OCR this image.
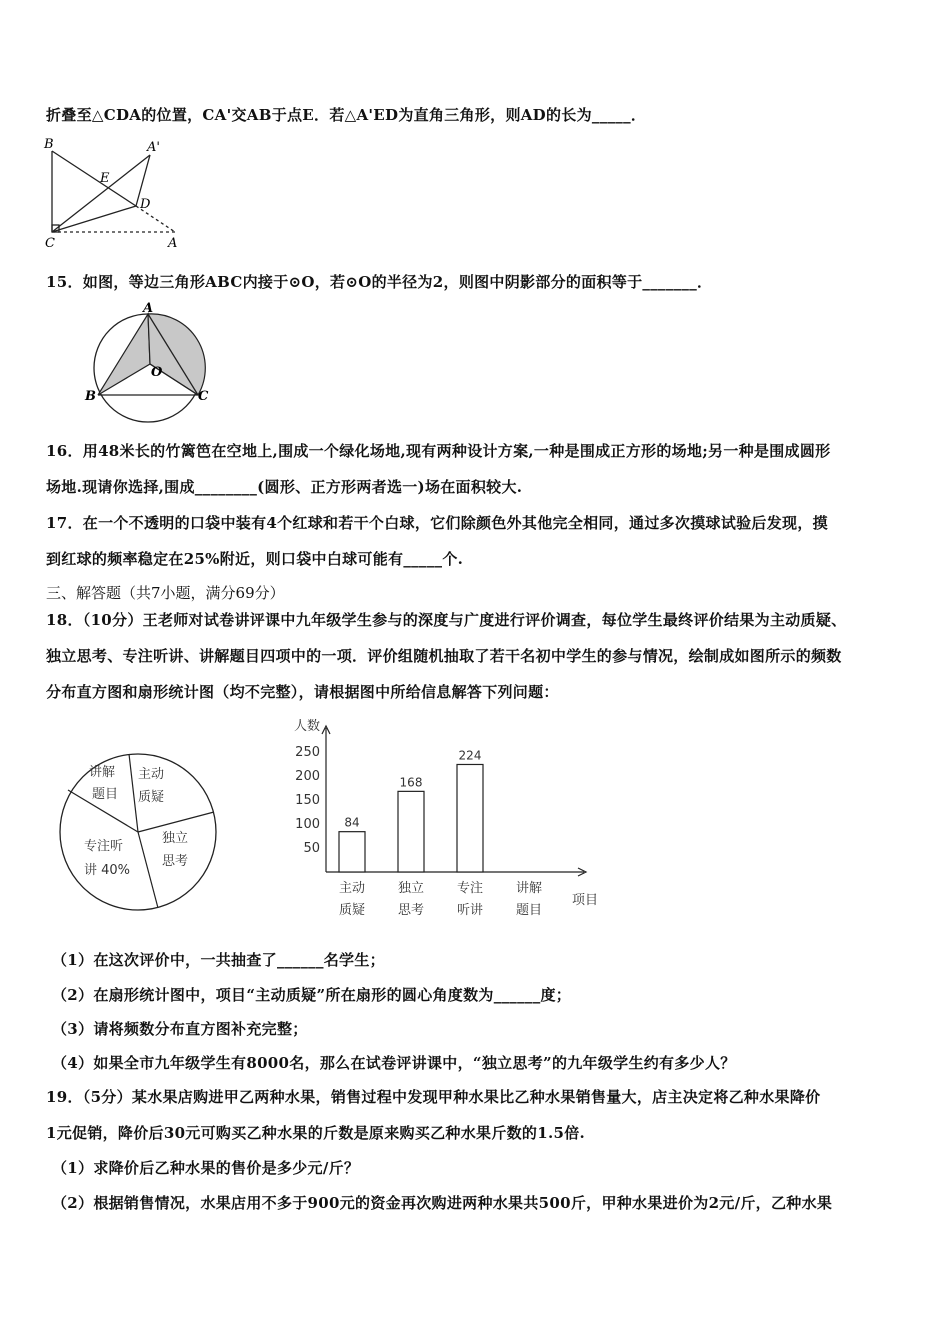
折叠至△CDA的位置，CA'交AB于点E．若△A'ED为直角三角形，则AD的长为_____．
B	A'
E
D
C	A
15．如图，等边三角形ABC内接于⊙O，若⊙O的半径为2，则图中阴影部分的面积等于_______．
A
O
B	C
16．用48米长的竹篱笆在空地上,围成一个绿化场地,现有两种设计方案,一种是围成正方形的场地;另一种是围成圆形
场地.现请你选择,围成________(圆形、正方形两者选一)场在面积较大.
17．在一个不透明的口袋中装有4个红球和若干个白球，它们除颜色外其他完全相同，通过多次摸球试验后发现，摸
到红球的频率稳定在25%附近，则口袋中白球可能有_____个.
三、解答题（共7小题，满分69分）
18．（10分）王老师对试卷讲评课中九年级学生参与的深度与广度进行评价调查，每位学生最终评价结果为主动质疑、
独立思考、专注听讲、讲解题目四项中的一项．评价组随机抽取了若干名初中学生的参与情况，绘制成如图所示的频数
分布直方图和扇形统计图（均不完整），请根据图中所给信息解答下列问题：
讲解
题目
主动
质疑
独立
思考
专注听
讲 40%
人数
项目
50
100
150
200
250
84
168
224
主动
质疑
独立
思考
专注
听讲
讲解
题目
（1）在这次评价中，一共抽查了______名学生；
（2）在扇形统计图中，项目“主动质疑”所在扇形的圆心角度数为______度；
（3）请将频数分布直方图补充完整；
（4）如果全市九年级学生有8000名，那么在试卷评讲课中，“独立思考”的九年级学生约有多少人？
19．（5分）某水果店购进甲乙两种水果，销售过程中发现甲种水果比乙种水果销售量大，店主决定将乙种水果降价
1元促销，降价后30元可购买乙种水果的斤数是原来购买乙种水果斤数的1.5倍.
（1）求降价后乙种水果的售价是多少元/斤？
（2）根据销售情况，水果店用不多于900元的资金再次购进两种水果共500斤，甲种水果进价为2元/斤，乙种水果
